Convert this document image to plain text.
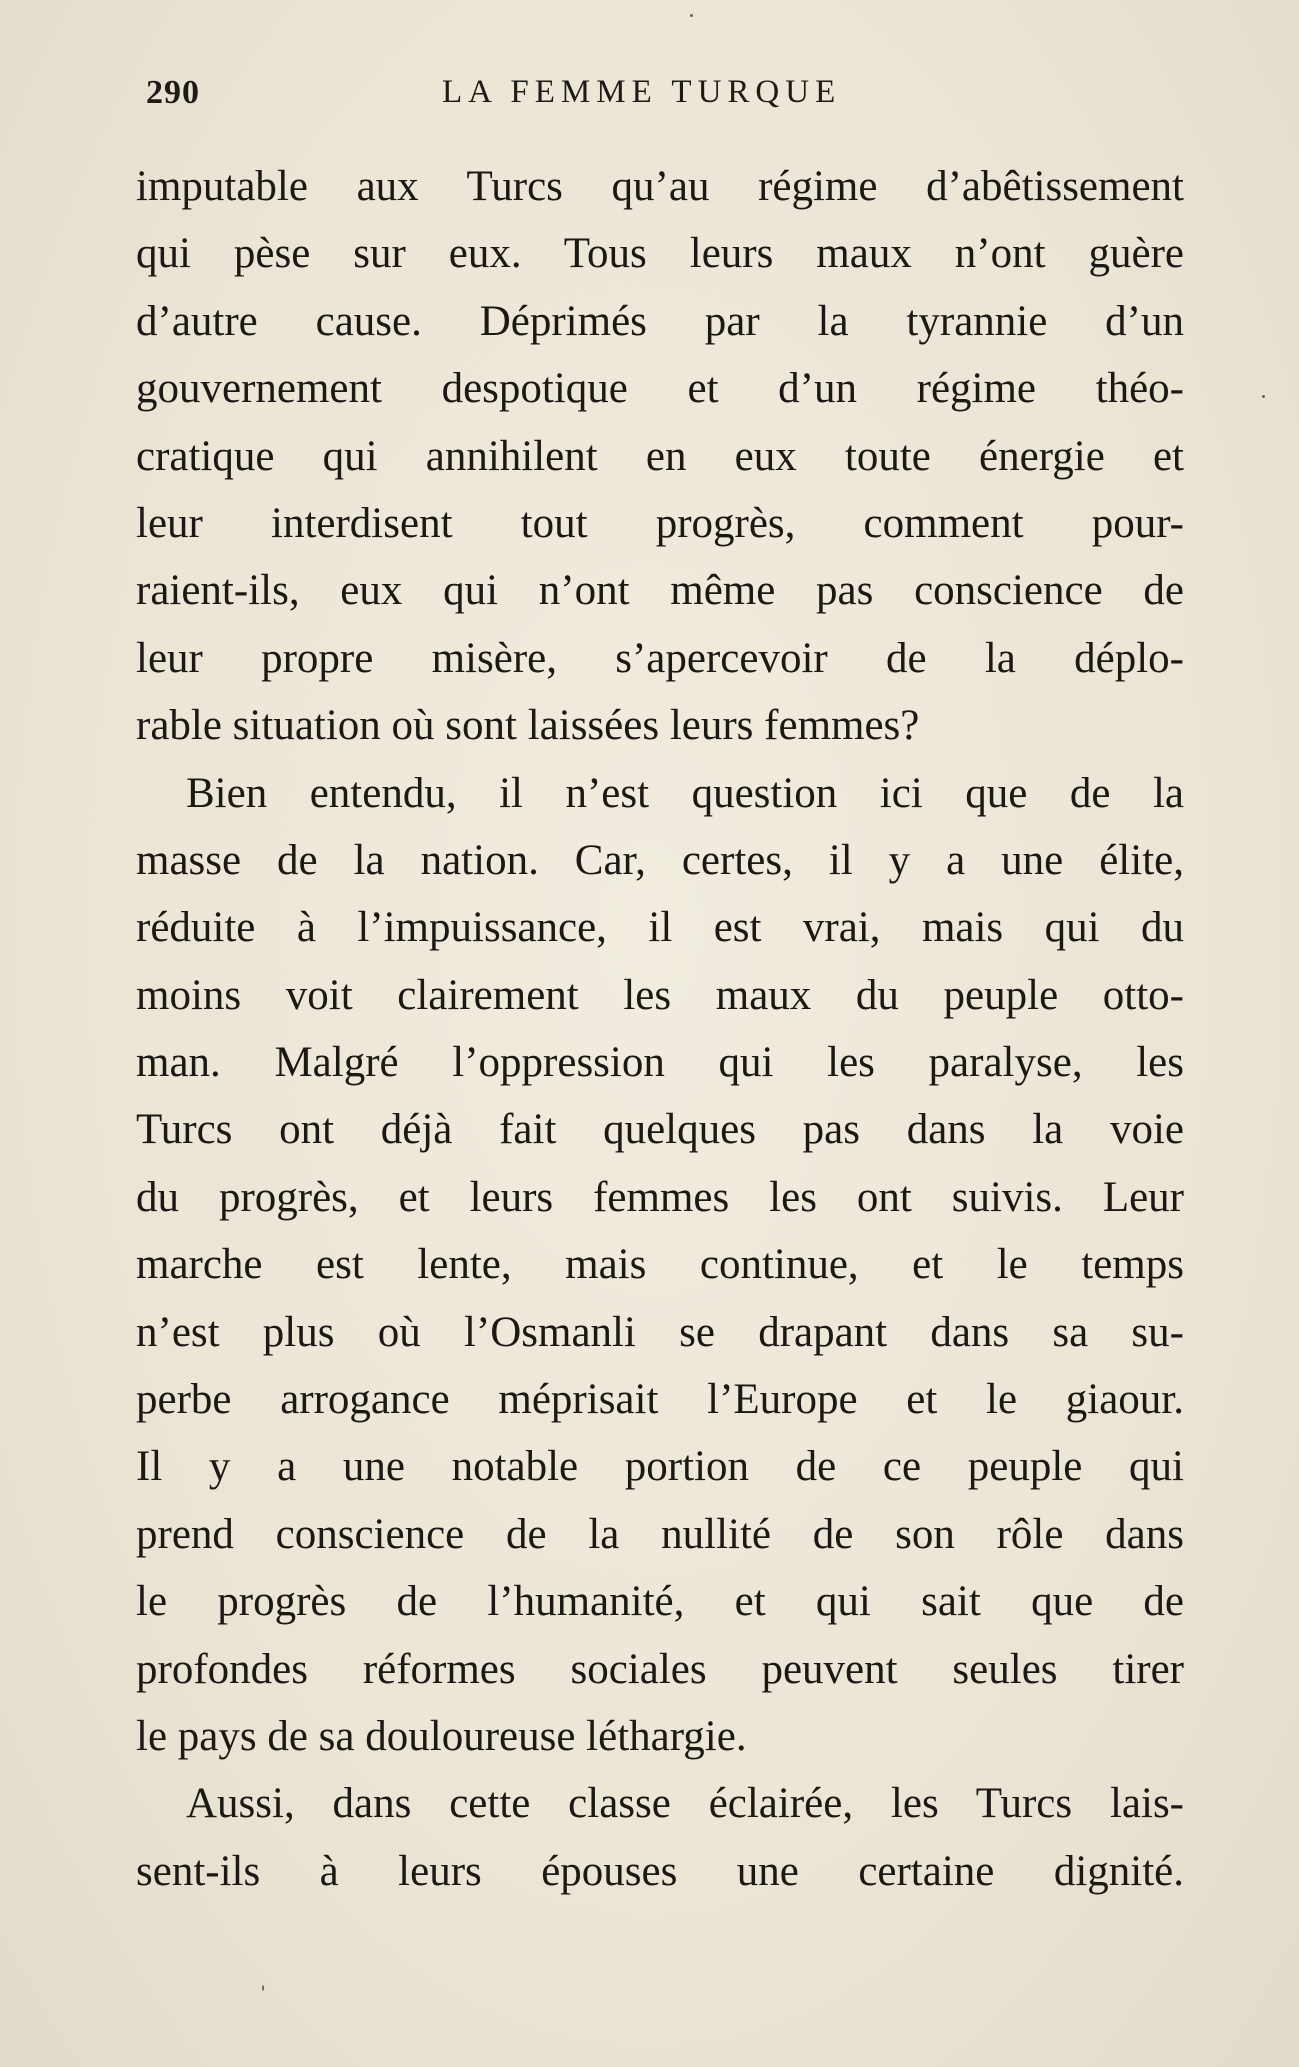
290	LA FEMME TURQUE
imputable aux Turcs qu’au régime d’abêtissement
qui pèse sur eux. Tous leurs maux n’ont guère
d’autre cause. Déprimés par la tyrannie d’un
gouvernement despotique et d’un régime théo-
cratique qui annihilent en eux toute énergie et
leur interdisent tout progrès, comment pour-
raient-ils, eux qui n’ont même pas conscience de
leur propre misère, s’apercevoir de la déplo-
rable situation où sont laissées leurs femmes?
Bien entendu, il n’est question ici que de la
masse de la nation. Car, certes, il y a une élite,
réduite à l’impuissance, il est vrai, mais qui du
moins voit clairement les maux du peuple otto-
man. Malgré l’oppression qui les paralyse, les
Turcs ont déjà fait quelques pas dans la voie
du progrès, et leurs femmes les ont suivis. Leur
marche est lente, mais continue, et le temps
n’est plus où l’Osmanli se drapant dans sa su-
perbe arrogance méprisait l’Europe et le giaour.
Il y a une notable portion de ce peuple qui
prend conscience de la nullité de son rôle dans
le progrès de l’humanité, et qui sait que de
profondes réformes sociales peuvent seules tirer
le pays de sa douloureuse léthargie.
Aussi, dans cette classe éclairée, les Turcs lais-
sent-ils à leurs épouses une certaine dignité.
